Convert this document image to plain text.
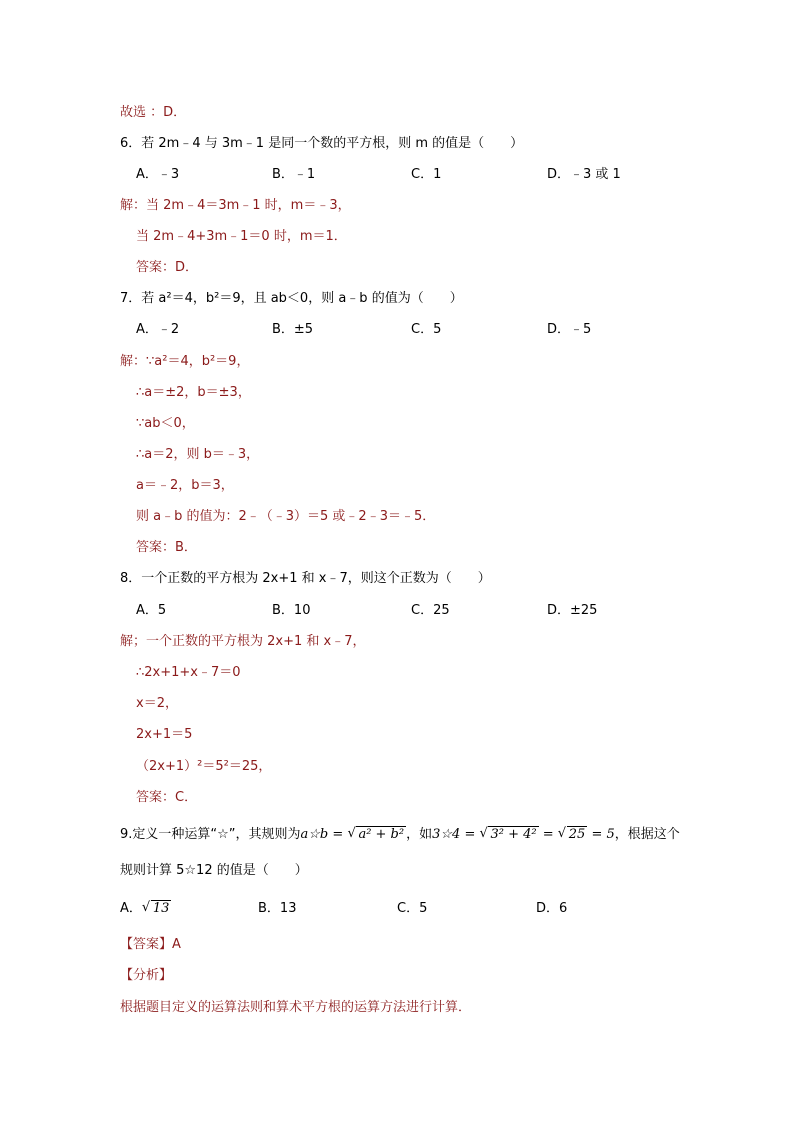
故选 ：D．
6．若 2m﹣4 与 3m﹣1 是同一个数的平方根，则 m 的值是（　　）
A．﹣3	B．﹣1	C．1	D．﹣3 或 1
解：当 2m﹣4＝3m﹣1 时，m＝﹣3，
当 2m﹣4+3m﹣1＝0 时，m＝1．
答案：D．
7．若 a²＝4，b²＝9，且 ab＜0，则 a﹣b 的值为（　　）
A．﹣2	B．±5	C．5	D．﹣5
解：∵a²＝4，b²＝9，
∴a＝±2，b＝±3，
∵ab＜0，
∴a＝2，则 b＝﹣3，
a＝﹣2，b＝3，
则 a﹣b 的值为：2﹣（﹣3）＝5 或﹣2﹣3＝﹣5．
答案：B．
8．一个正数的平方根为 2x+1 和 x﹣7，则这个正数为（　　）
A．5	B．10	C．25	D．±25
解；一个正数的平方根为 2x+1 和 x﹣7，
∴2x+1+x﹣7＝0
x＝2，
2x+1＝5
（2x+1）²＝5²＝25，
答案：C．
9.定义一种运算“☆”，其规则为a☆b = √ a² + b² ，如3☆4 = √ 3² + 4² = √ 25 = 5，根据这个
规则计算 5☆12 的值是（　　）
A． √ 13	B．13	C．5	D．6
【答案】A
【分析】
根据题目定义的运算法则和算术平方根的运算方法进行计算．
